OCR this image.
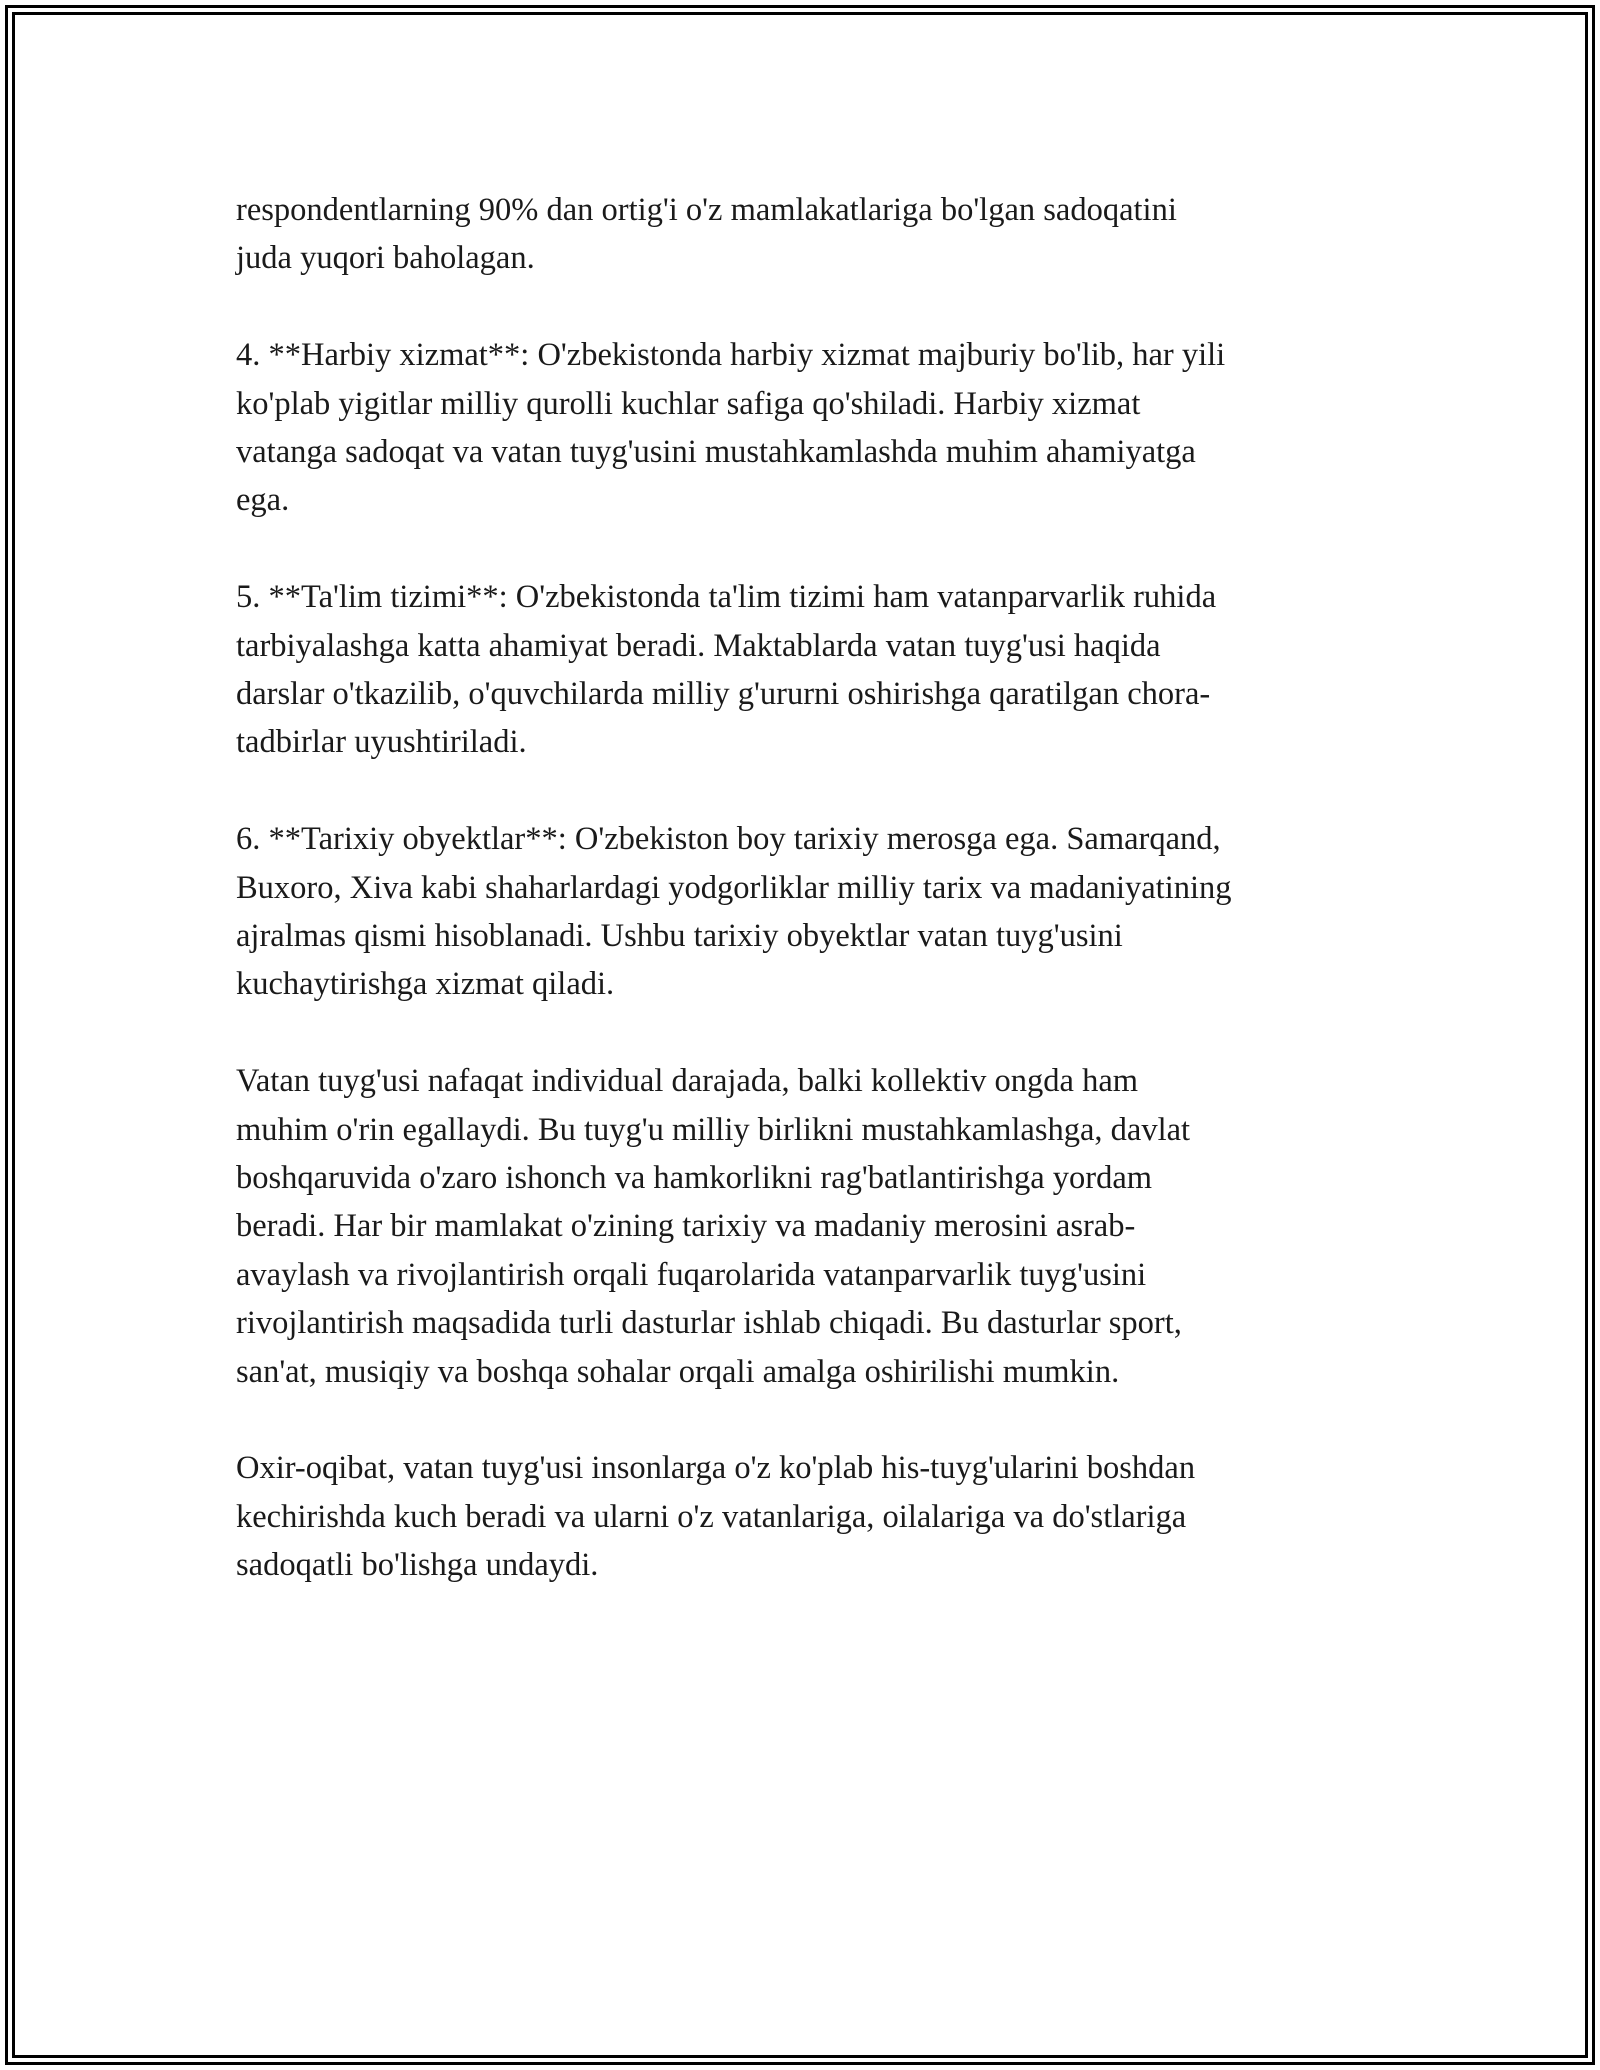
respondentlarning 90% dan ortig'i o'z mamlakatlariga bo'lgan sadoqatini
juda yuqori baholagan.

4. **Harbiy xizmat**: O'zbekistonda harbiy xizmat majburiy bo'lib, har yili
ko'plab yigitlar milliy qurolli kuchlar safiga qo'shiladi. Harbiy xizmat
vatanga sadoqat va vatan tuyg'usini mustahkamlashda muhim ahamiyatga
ega.

5. **Ta'lim tizimi**: O'zbekistonda ta'lim tizimi ham vatanparvarlik ruhida
tarbiyalashga katta ahamiyat beradi. Maktablarda vatan tuyg'usi haqida
darslar o'tkazilib, o'quvchilarda milliy g'ururni oshirishga qaratilgan chora-
tadbirlar uyushtiriladi.

6. **Tarixiy obyektlar**: O'zbekiston boy tarixiy merosga ega. Samarqand,
Buxoro, Xiva kabi shaharlardagi yodgorliklar milliy tarix va madaniyatining
ajralmas qismi hisoblanadi. Ushbu tarixiy obyektlar vatan tuyg'usini
kuchaytirishga xizmat qiladi.

Vatan tuyg'usi nafaqat individual darajada, balki kollektiv ongda ham
muhim o'rin egallaydi. Bu tuyg'u milliy birlikni mustahkamlashga, davlat
boshqaruvida o'zaro ishonch va hamkorlikni rag'batlantirishga yordam
beradi. Har bir mamlakat o'zining tarixiy va madaniy merosini asrab-
avaylash va rivojlantirish orqali fuqarolarida vatanparvarlik tuyg'usini
rivojlantirish maqsadida turli dasturlar ishlab chiqadi. Bu dasturlar sport,
san'at, musiqiy va boshqa sohalar orqali amalga oshirilishi mumkin.

Oxir-oqibat, vatan tuyg'usi insonlarga o'z ko'plab his-tuyg'ularini boshdan
kechirishda kuch beradi va ularni o'z vatanlariga, oilalariga va do'stlariga
sadoqatli bo'lishga undaydi.
